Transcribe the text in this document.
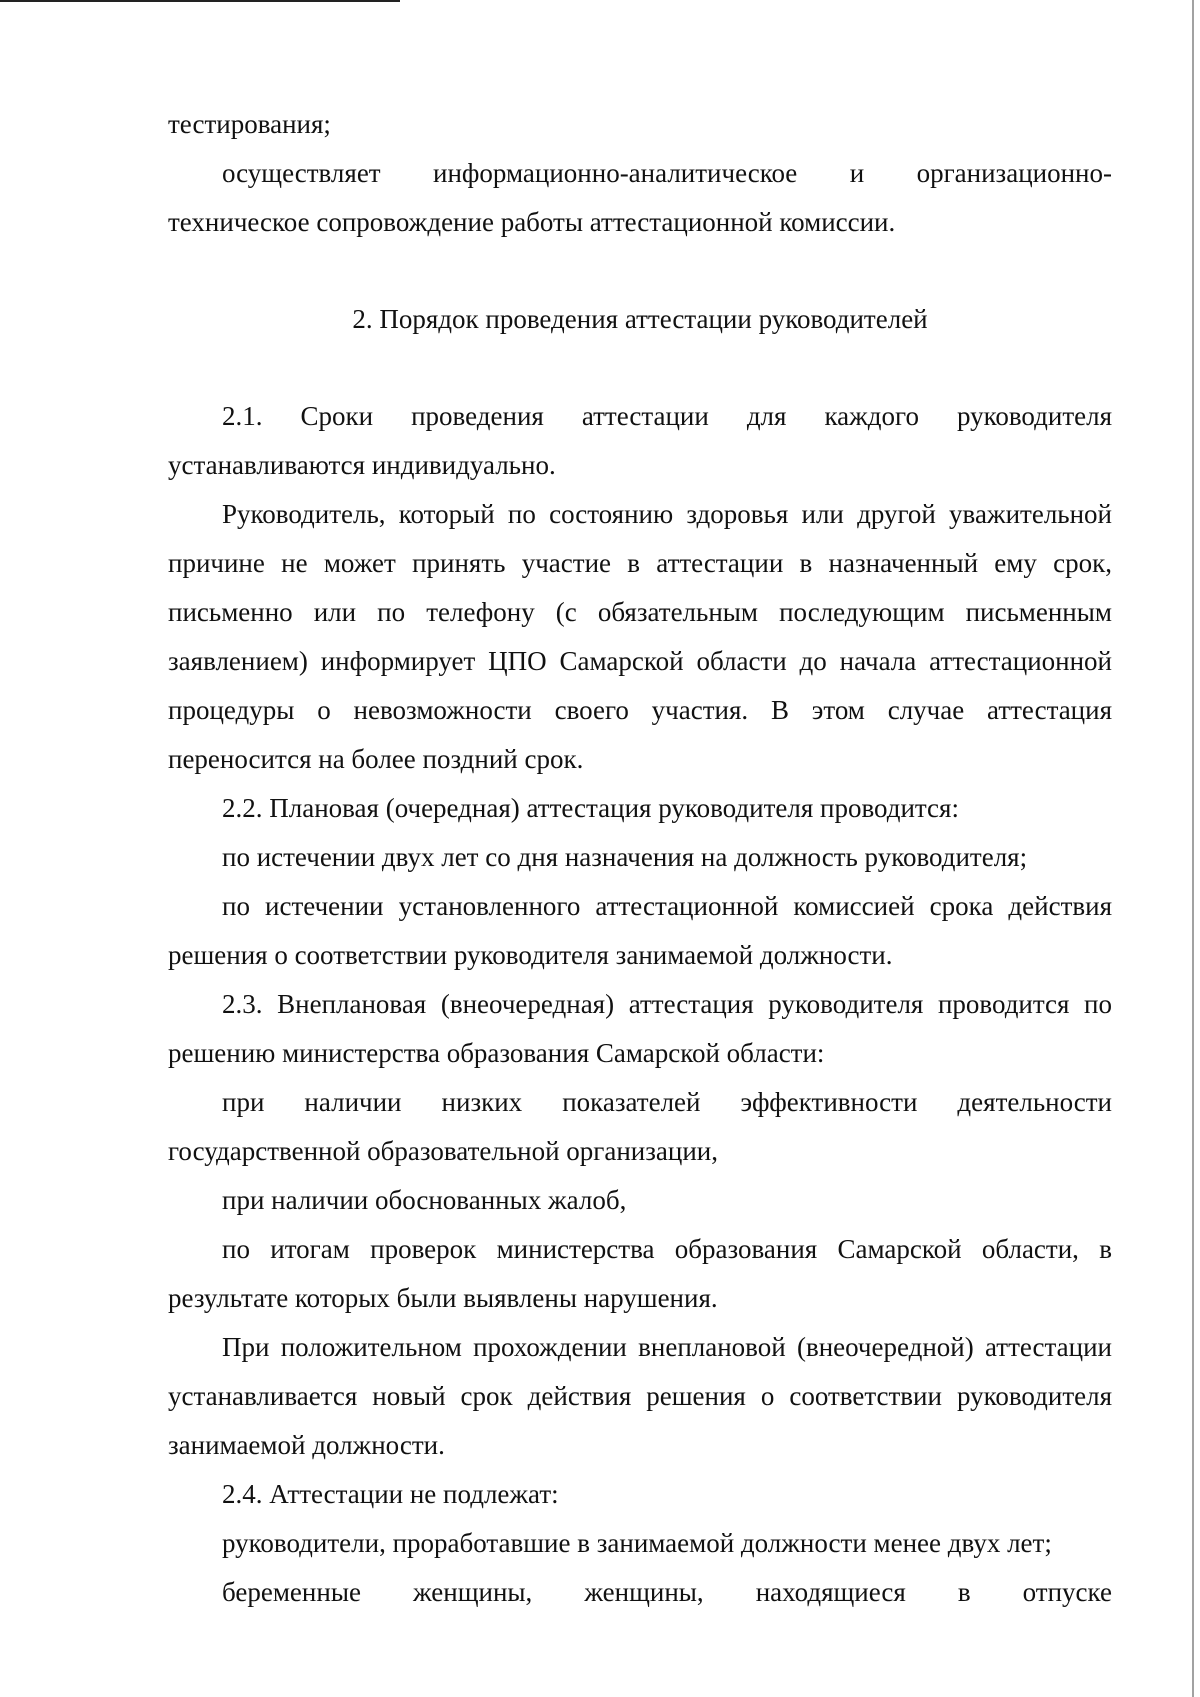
тестирования;

осуществляет информационно-аналитическое и организационно-техническое сопровождение работы аттестационной комиссии.

2. Порядок проведения аттестации руководителей

2.1. Сроки проведения аттестации для каждого руководителя устанавливаются индивидуально.

Руководитель, который по состоянию здоровья или другой уважительной причине не может принять участие в аттестации в назначенный ему срок, письменно или по телефону (с обязательным последующим письменным заявлением) информирует ЦПО Самарской области до начала аттестационной процедуры о невозможности своего участия. В этом случае аттестация переносится на более поздний срок.

2.2. Плановая (очередная) аттестация руководителя проводится:

по истечении двух лет со дня назначения на должность руководителя;

по истечении установленного аттестационной комиссией срока действия решения о соответствии руководителя занимаемой должности.

2.3. Внеплановая (внеочередная) аттестация руководителя проводится по решению министерства образования Самарской области:

при наличии низких показателей эффективности деятельности государственной образовательной организации,

при наличии обоснованных жалоб,

по итогам проверок министерства образования Самарской области, в результате которых были выявлены нарушения.

При положительном прохождении внеплановой (внеочередной) аттестации устанавливается новый срок действия решения о соответствии руководителя занимаемой должности.

2.4. Аттестации не подлежат:

руководители, проработавшие в занимаемой должности менее двух лет;

беременные женщины, женщины, находящиеся в отпуске
